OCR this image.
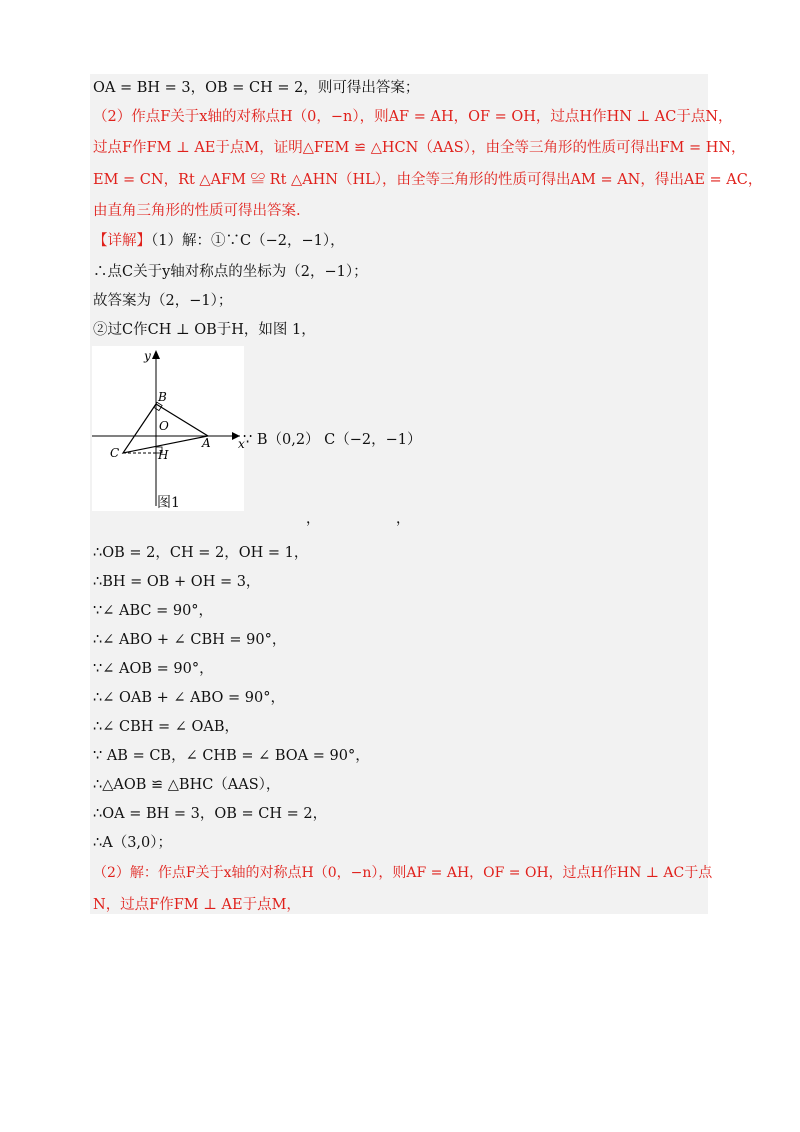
OA = BH = 3，OB = CH = 2，则可得出答案；
（2）作点F关于x轴的对称点H（0，−n），则AF = AH，OF = OH，过点H作HN ⊥ AC于点N，
过点F作FM ⊥ AE于点M，证明△FEM ≌ △HCN（AAS），由全等三角形的性质可得出FM = HN，
EM = CN，Rt △AFM ≌ Rt △AHN（HL），由全等三角形的性质可得出AM = AN，得出AE = AC，
由直角三角形的性质可得出答案.
【详解】（1）解：①∵C（−2，−1），
∴点C关于y轴对称点的坐标为（2，−1）；
故答案为（2，−1）；
②过C作CH ⊥ OB于H，如图 1，
y
x
B
O
A
C	H
图1
∵ B（0,2） C（−2，−1）
，	，
∴OB = 2，CH = 2，OH = 1，
∴BH = OB + OH = 3，
∵∠ ABC = 90°，
∴∠ ABO + ∠ CBH = 90°，
∵∠ AOB = 90°，
∴∠ OAB + ∠ ABO = 90°，
∴∠ CBH = ∠ OAB，
∵ AB = CB，∠ CHB = ∠ BOA = 90°，
∴△AOB ≌ △BHC（AAS），
∴OA = BH = 3，OB = CH = 2，
∴A（3,0）；
（2）解：作点F关于x轴的对称点H（0，−n），则AF = AH，OF = OH，过点H作HN ⊥ AC于点
N，过点F作FM ⊥ AE于点M，
